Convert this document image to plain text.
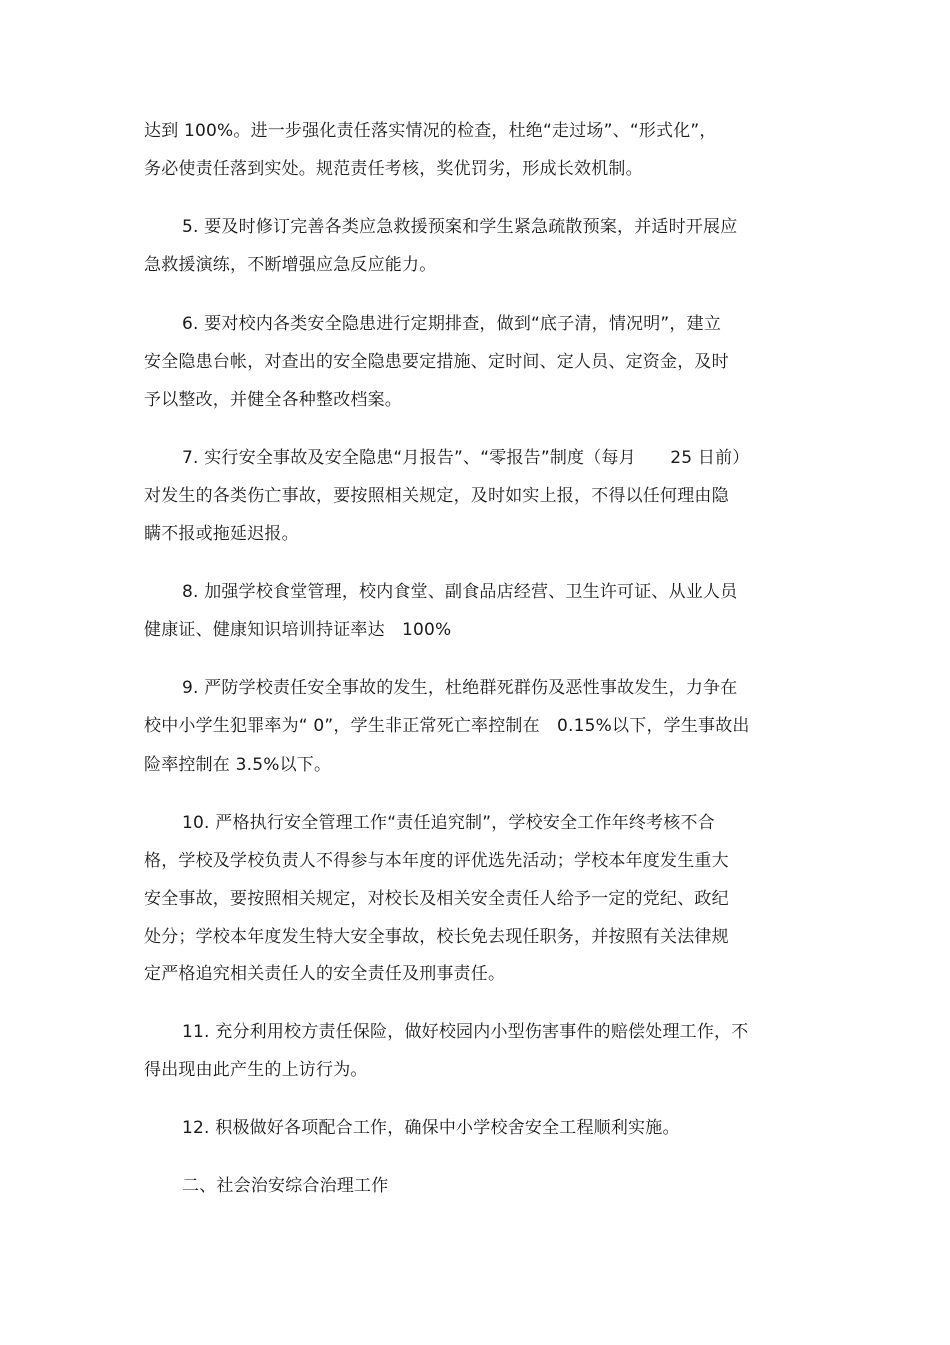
达到 100%。进一步强化责任落实情况的检查，杜绝“走过场”、“形式化”，
务必使责任落到实处。规范责任考核，奖优罚劣，形成长效机制。
5. 要及时修订完善各类应急救援预案和学生紧急疏散预案，并适时开展应
急救援演练，不断增强应急反应能力。
6. 要对校内各类安全隐患进行定期排查，做到“底子清，情况明”，建立
安全隐患台帐，对查出的安全隐患要定措施、定时间、定人员、定资金，及时
予以整改，并健全各种整改档案。
7. 实行安全事故及安全隐患“月报告”、“零报告”制度（每月　　25 日前）
对发生的各类伤亡事故，要按照相关规定，及时如实上报，不得以任何理由隐
瞒不报或拖延迟报。
8. 加强学校食堂管理，校内食堂、副食品店经营、卫生许可证、从业人员
健康证、健康知识培训持证率达　100%
9. 严防学校责任安全事故的发生，杜绝群死群伤及恶性事故发生，力争在
校中小学生犯罪率为“ 0”，学生非正常死亡率控制在　0.15%以下，学生事故出
险率控制在 3.5%以下。
10. 严格执行安全管理工作“责任追究制”，学校安全工作年终考核不合
格，学校及学校负责人不得参与本年度的评优选先活动；学校本年度发生重大
安全事故，要按照相关规定，对校长及相关安全责任人给予一定的党纪、政纪
处分；学校本年度发生特大安全事故，校长免去现任职务，并按照有关法律规
定严格追究相关责任人的安全责任及刑事责任。
11. 充分利用校方责任保险，做好校园内小型伤害事件的赔偿处理工作，不
得出现由此产生的上访行为。
12. 积极做好各项配合工作，确保中小学校舍安全工程顺利实施。
二、社会治安综合治理工作
